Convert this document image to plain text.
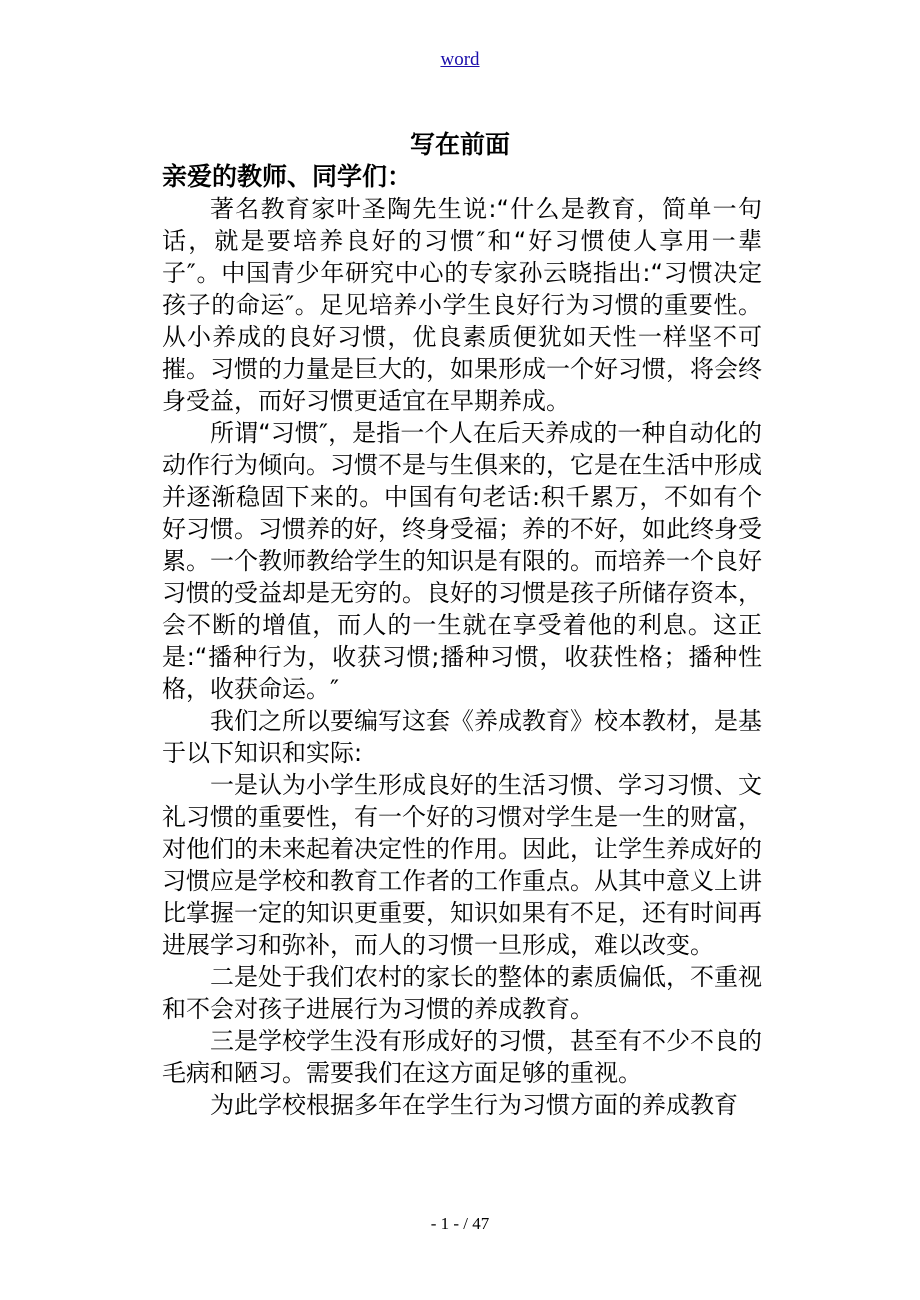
word
写在前面

亲爱的教师、同学们：

著名教育家叶圣陶先生说:“什么是教育，简单一句话，就是要培养良好的习惯″和“好习惯使人享用一辈子″。中国青少年研究中心的专家孙云晓指出:“习惯决定孩子的命运″。足见培养小学生良好行为习惯的重要性。从小养成的良好习惯，优良素质便犹如天性一样坚不可摧。习惯的力量是巨大的，如果形成一个好习惯，将会终身受益，而好习惯更适宜在早期养成。

所谓“习惯″，是指一个人在后天养成的一种自动化的动作行为倾向。习惯不是与生俱来的，它是在生活中形成并逐渐稳固下来的。中国有句老话:积千累万，不如有个好习惯。习惯养的好，终身受福；养的不好，如此终身受累。一个教师教给学生的知识是有限的。而培养一个良好习惯的受益却是无穷的。良好的习惯是孩子所储存资本，会不断的增值，而人的一生就在享受着他的利息。这正是:“播种行为，收获习惯;播种习惯，收获性格；播种性格，收获命运。″

我们之所以要编写这套《养成教育》校本教材，是基于以下知识和实际:

一是认为小学生形成良好的生活习惯、学习习惯、文礼习惯的重要性，有一个好的习惯对学生是一生的财富，对他们的未来起着决定性的作用。因此，让学生养成好的习惯应是学校和教育工作者的工作重点。从其中意义上讲比掌握一定的知识更重要，知识如果有不足，还有时间再进展学习和弥补，而人的习惯一旦形成，难以改变。

二是处于我们农村的家长的整体的素质偏低，不重视和不会对孩子进展行为习惯的养成教育。

三是学校学生没有形成好的习惯，甚至有不少不良的毛病和陋习。需要我们在这方面足够的重视。

为此学校根据多年在学生行为习惯方面的养成教育

- 1 - / 47
